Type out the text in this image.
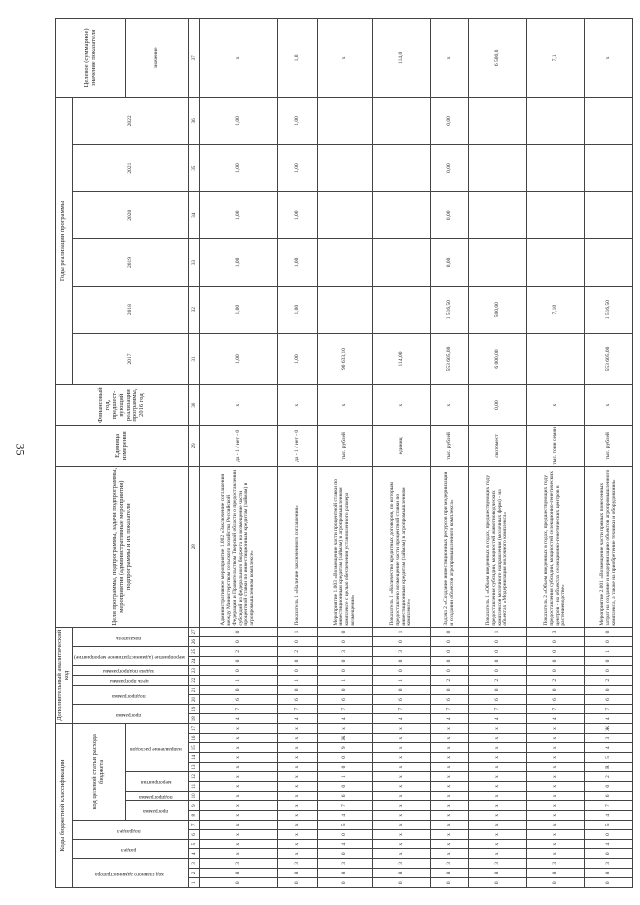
35
Коды бюджетной классификации																	Дополнительный аналитический код										Цели программы, подпрограммы, задачи подпрограммы, мероприятия (административные мероприятия) подпрограммы и их показатели	Единица измерения	Финансовый год, предшест-вующий реализации программы, 2016 год	Годы реализации программы						Целевое (суммарное) значение показателя
код главного администратора			раздел		подраздел		код целевой статьи расхода бюджета										программа		подпрограмма		цель программы	задача подпрограммы	мероприятие (административное мероприятие)		показатель					2017	2018	2019	2020	2021	2022	
							программа		подпрограмма	мероприятия		направление расходов																								значение
1	2	3	4	5	6	7	8	9	10	11	12	13	14	15	16	17	18	19	20	21	22	23	24	25	26	27	28	29	30	31	32	33	34	35	36	37
0	8	3	х	х	х	х	х	х	х	х	х	х	х	х	х	х	4	7	6	0	1	0	0	2	0	0	Административное мероприятие 1.002 «Заключение соглашения между Министерством сельского хозяйства Российской Федерации и Правительством Тверской области о предоставлении субсидий из федерального бюджета на возмещение части процентной ставки по инвестиционным кредитам (займам) в агропромышленном комплексе»	да - 1 / нет - 0	х	1,00	1,00	1,00	1,00	1,00	1,00	х
0	8	3	х	х	х	х	х	х	х	х	х	х	х	х	х	х	4	7	6	0	1	0	0	2	0	1	Показатель 1 «Наличие заключенного соглашения»	да - 1 / нет - 0	х	1,00	1,00	1,00	1,00	1,00	1,00	1,0
0	8	3	0	4	0	5	4	7	6	0	1	0	0	9	Ж	х	4	7	6	0	1	0	0	3	0	0	Мероприятие 1.003 «Возмещение части процентной ставки по инвестиционным кредитам (займам) в агропромышленном комплексе с целью обеспечения установленного размера возмещения»	тыс. рублей	х	90 633,10						х
0	8	3	х	х	х	х	х	х	х	х	х	х	х	х	х	х	4	7	6	0	1	0	0	3	0	1	Показатель 1 «Количество кредитных договоров, по которым предоставлено возмещение части процентной ставки по инвестиционным кредитам (займам) в агропромышленном комплексе»	единиц	х	114,00						114,0
0	8	3	х	х	х	х	х	х	х	х	х	х	х	х	х	х	4	7	6	0	2	0	0	0	0	0	Задача 2 «Создание инвестиционных ресурсов при модернизации и создании объектов агропромышленного комплекса»	тыс. рублей	х	553 605,00	1 516,50	0,00	0,00	0,00	0,00	х
0	8	3	х	х	х	х	х	х	х	х	х	х	х	х	х	х	4	7	6	0	2	0	0	0	0	1	Показатель 1 «Объем введенных в годах, предшествующих году предоставления субсидии, мощностей животноводческих комплексов молочного направления (молочных ферм) - на объектах «Модернизация молочного комплекса»	скотомест	0,00	6 000,00	500,00					6 500,0
0	8	3	х	х	х	х	х	х	х	х	х	х	х	х	х	х	4	7	6	0	2	0	0	0	0	3	Показатель 2 «Объем введенных в годах, предшествующих году предоставления субсидии, мощностей селекционно-генетических центров - на объектах селекционно-генетических центров в растениеводстве»	тыс. тонн семян	х		7,10					7,1
0	8	3	0	4	0	5	4	7	6	0	2	R	5	4	3	Ж	4	7	6	0	2	0	0	1	0	0	Мероприятие 2.001 «Возмещение части прямых понесенных затрат на создание и модернизацию объектов агропромышленного комплекса, а также на приобретение техники и оборудования»	тыс. рублей	х	553 605,00	1 516,50					х
